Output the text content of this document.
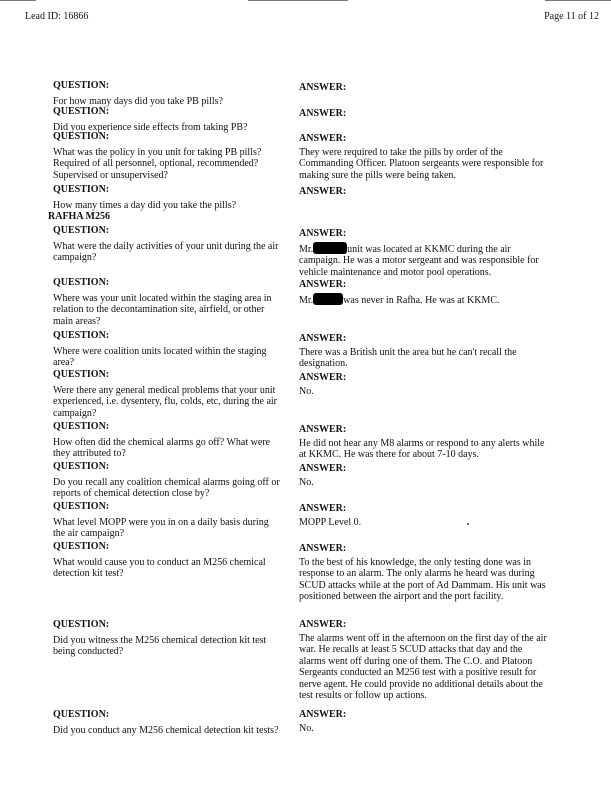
Lead ID: 16866	Page 11 of 12
QUESTION:
For how many days did you take PB pills?
ANSWER:
QUESTION:
Did you experience side effects from taking PB?
ANSWER:
QUESTION:
What was the policy in you unit for taking PB pills? Required of all personnel, optional, recommended? Supervised or unsupervised?
ANSWER:
They were required to take the pills by order of the Commanding Officer. Platoon sergeants were responsible for making sure the pills were being taken.
QUESTION:
How many times a day did you take the pills?
ANSWER:
RAFHA M256
QUESTION:
What were the daily activities of your unit during the air campaign?
ANSWER:
Mr.	unit was located at KKMC during the air campaign. He was a motor sergeant and was responsible for vehicle maintenance and motor pool operations.
QUESTION:
Where was your unit located within the staging area in relation to the decontamination site, airfield, or other main areas?
ANSWER:
Mr.	was never in Rafha. He was at KKMC.
QUESTION:
Where were coalition units located within the staging area?
ANSWER:
There was a British unit the area but he can't recall the designation.
QUESTION:
Were there any general medical problems that your unit experienced, i.e. dysentery, flu, colds, etc, during the air campaign?
ANSWER:
No.
QUESTION:
How often did the chemical alarms go off? What were they attributed to?
ANSWER:
He did not hear any M8 alarms or respond to any alerts while at KKMC. He was there for about 7-10 days.
QUESTION:
Do you recall any coalition chemical alarms going off or reports of chemical detection close by?
ANSWER:
No.
QUESTION:
What level MOPP were you in on a daily basis during the air campaign?
ANSWER:
MOPP Level 0.
QUESTION:
What would cause you to conduct an M256 chemical detection kit test?
ANSWER:
To the best of his knowledge, the only testing done was in response to an alarm. The only alarms he heard was during SCUD attacks while at the port of Ad Dammam. His unit was positioned between the airport and the port facility.
QUESTION:
Did you witness the M256 chemical detection kit test being conducted?
ANSWER:
The alarms went off in the afternoon on the first day of the air war. He recalls at least 5 SCUD attacks that day and the alarms went off during one of them. The C.O. and Platoon Sergeants conducted an M256 test with a positive result for nerve agent. He could provide no additional details about the test results or follow up actions.
QUESTION:
Did you conduct any M256 chemical detection kit tests?
ANSWER:
No.
